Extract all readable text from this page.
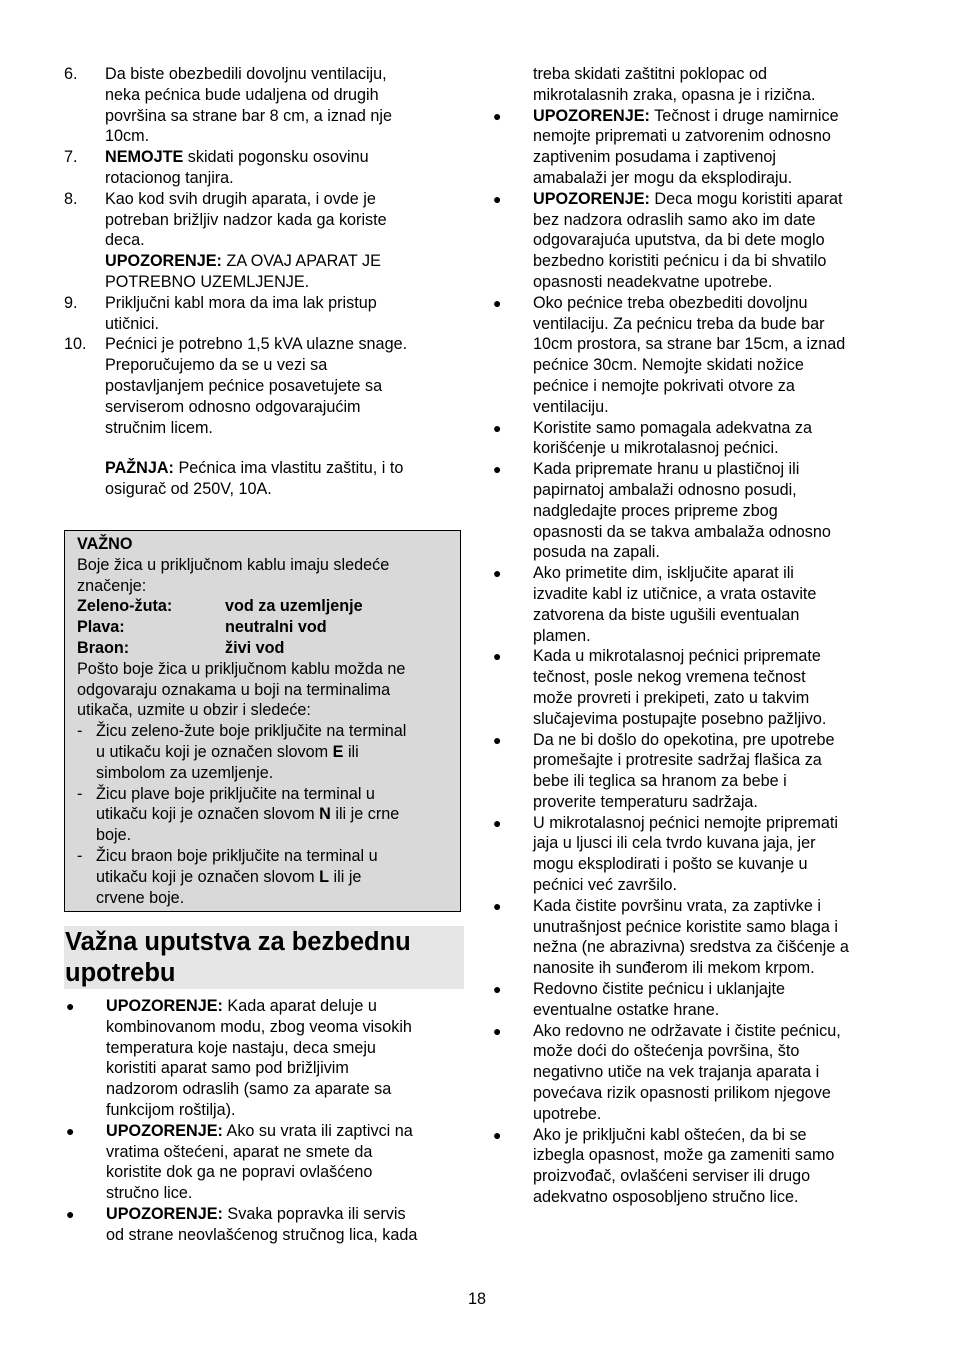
6. Da biste obezbedili dovoljnu ventilaciju,
neka pećnica bude udaljena od drugih
površina sa strane bar 8 cm, a iznad nje
10cm.
7. NEMOJTE skidati pogonsku osovinu
rotacionog tanjira.
8. Kao kod svih drugih aparata, i ovde je
potreban brižljiv nadzor kada ga koriste
deca.
UPOZORENJE: ZA OVAJ APARAT JE
POTREBNO UZEMLJENJE.
9. Priključni kabl mora da ima lak pristup
utičnici.
10. Pećnici je potrebno 1,5 kVA ulazne snage.
Preporučujemo da se u vezi sa
postavljanjem pećnice posavetujete sa
serviserom odnosno odgovarajućim
stručnim licem.
PAŽNJA: Pećnica ima vlastitu zaštitu, i to
osigurač od 250V, 10A.
VAŽNO
Boje žica u priključnom kablu imaju sledeće
značenje:
Zeleno-žuta:	vod za uzemljenje
Plava:	neutralni vod
Braon:	živi vod
Pošto boje žica u priključnom kablu možda ne
odgovaraju oznakama u boji na terminalima
utikača, uzmite u obzir i sledeće:
- Žicu zeleno-žute boje priključite na terminal
u utikaču koji je označen slovom E ili
simbolom za uzemljenje.
- Žicu plave boje priključite na terminal u
utikaču koji je označen slovom N ili je crne
boje.
- Žicu braon boje priključite na terminal u
utikaču koji je označen slovom L ili je
crvene boje.
Važna uputstva za bezbednu
upotrebu
● UPOZORENJE: Kada aparat deluje u
kombinovanom modu, zbog veoma visokih
temperatura koje nastaju, deca smeju
koristiti aparat samo pod brižljivim
nadzorom odraslih (samo za aparate sa
funkcijom roštilja).
● UPOZORENJE: Ako su vrata ili zaptivci na
vratima oštećeni, aparat ne smete da
koristite dok ga ne popravi ovlašćeno
stručno lice.
● UPOZORENJE: Svaka popravka ili servis
od strane neovlašćenog stručnog lica, kada
treba skidati zaštitni poklopac od
mikrotalasnih zraka, opasna je i rizična.
● UPOZORENJE: Tečnost i druge namirnice
nemojte pripremati u zatvorenim odnosno
zaptivenim posudama i zaptivenoj
amabalaži jer mogu da eksplodiraju.
● UPOZORENJE: Deca mogu koristiti aparat
bez nadzora odraslih samo ako im date
odgovarajuća uputstva, da bi dete moglo
bezbedno koristiti pećnicu i da bi shvatilo
opasnosti neadekvatne upotrebe.
● Oko pećnice treba obezbediti dovoljnu
ventilaciju. Za pećnicu treba da bude bar
10cm prostora, sa strane bar 15cm, a iznad
pećnice 30cm. Nemojte skidati nožice
pećnice i nemojte pokrivati otvore za
ventilaciju.
● Koristite samo pomagala adekvatna za
korišćenje u mikrotalasnoj pećnici.
● Kada pripremate hranu u plastičnoj ili
papirnatoj ambalaži odnosno posudi,
nadgledajte proces pripreme zbog
opasnosti da se takva ambalaža odnosno
posuda na zapali.
● Ako primetite dim, isključite aparat ili
izvadite kabl iz utičnice, a vrata ostavite
zatvorena da biste ugušili eventualan
plamen.
● Kada u mikrotalasnoj pećnici pripremate
tečnost, posle nekog vremena tečnost
može provreti i prekipeti, zato u takvim
slučajevima postupajte posebno pažljivo.
● Da ne bi došlo do opekotina, pre upotrebe
promešajte i protresite sadržaj flašica za
bebe ili teglica sa hranom za bebe i
proverite temperaturu sadržaja.
● U mikrotalasnoj pećnici nemojte pripremati
jaja u ljusci ili cela tvrdo kuvana jaja, jer
mogu eksplodirati i pošto se kuvanje u
pećnici već završilo.
● Kada čistite površinu vrata, za zaptivke i
unutrašnjost pećnice koristite samo blaga i
nežna (ne abrazivna) sredstva za čišćenje a
nanosite ih sunđerom ili mekom krpom.
● Redovno čistite pećnicu i uklanjajte
eventualne ostatke hrane.
● Ako redovno ne održavate i čistite pećnicu,
može doći do oštećenja površina, što
negativno utiče na vek trajanja aparata i
povećava rizik opasnosti prilikom njegove
upotrebe.
● Ako je priključni kabl oštećen, da bi se
izbegla opasnost, može ga zameniti samo
proizvođač, ovlašćeni serviser ili drugo
adekvatno osposobljeno stručno lice.
18
